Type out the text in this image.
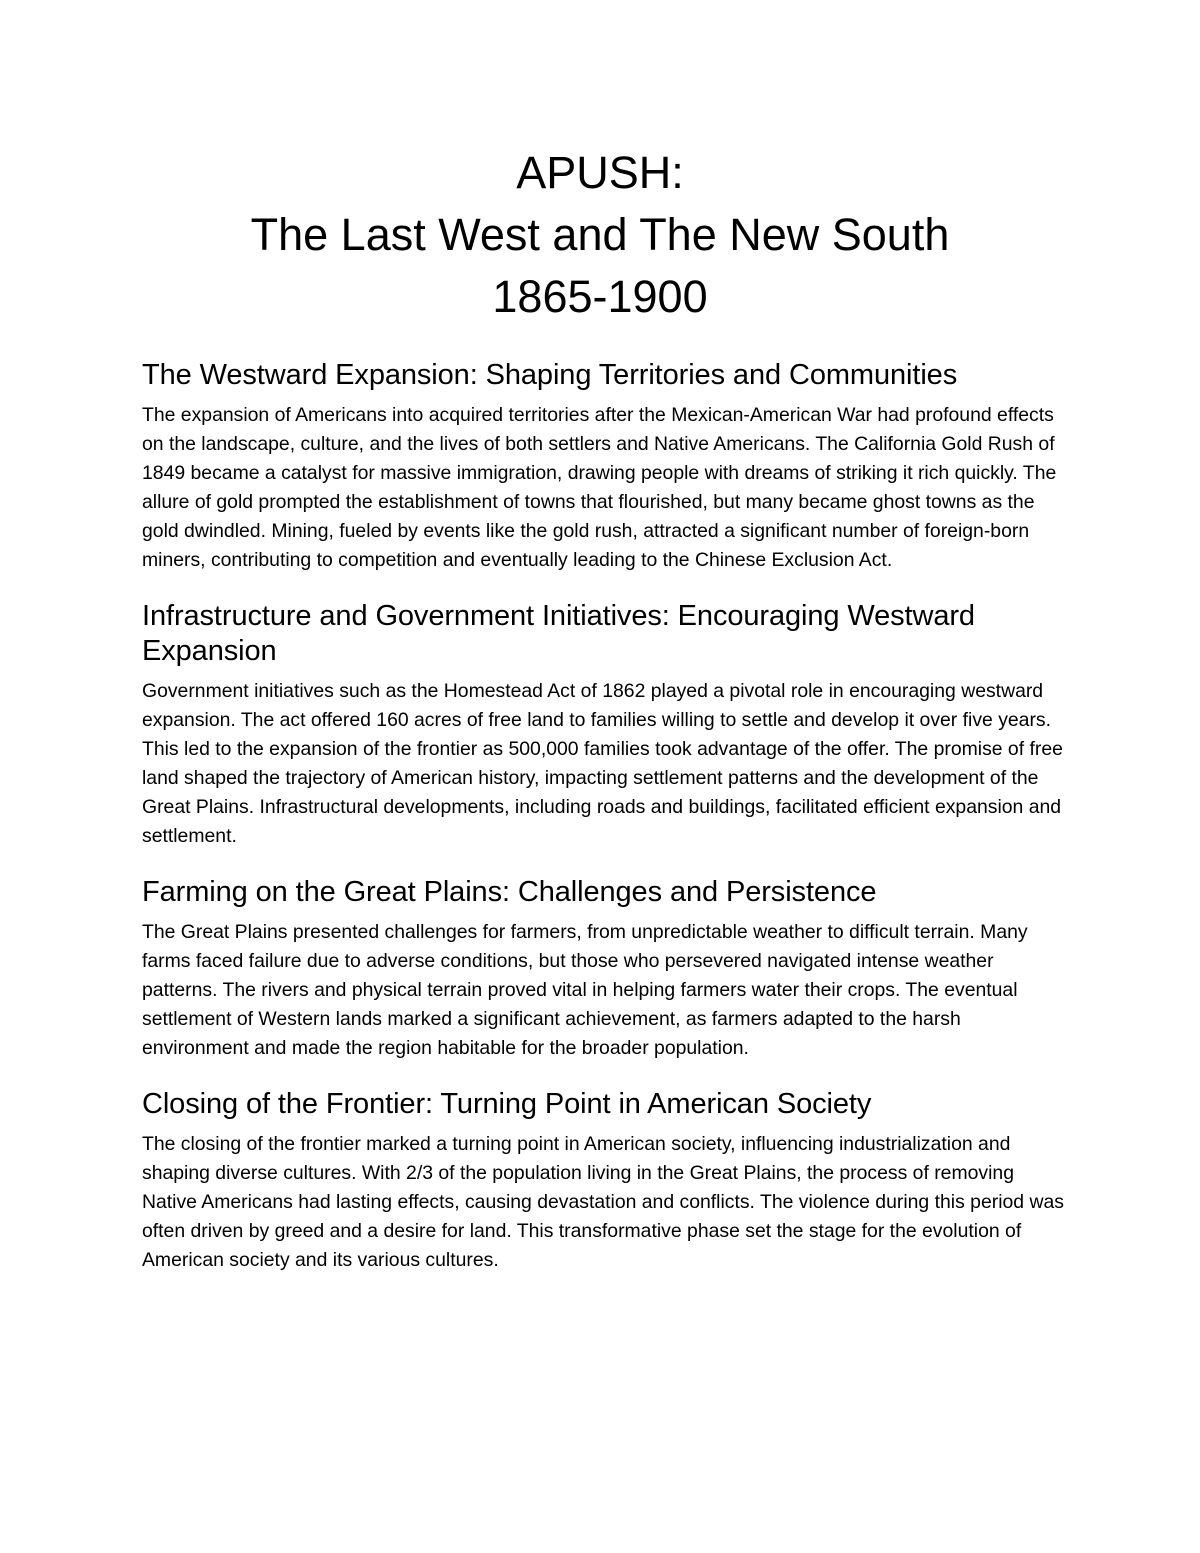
APUSH:
The Last West and The New South
1865-1900
The Westward Expansion: Shaping Territories and Communities

The expansion of Americans into acquired territories after the Mexican-American War had profound effects on the landscape, culture, and the lives of both settlers and Native Americans. The California Gold Rush of 1849 became a catalyst for massive immigration, drawing people with dreams of striking it rich quickly. The allure of gold prompted the establishment of towns that flourished, but many became ghost towns as the gold dwindled. Mining, fueled by events like the gold rush, attracted a significant number of foreign-born miners, contributing to competition and eventually leading to the Chinese Exclusion Act.

Infrastructure and Government Initiatives: Encouraging Westward Expansion

Government initiatives such as the Homestead Act of 1862 played a pivotal role in encouraging westward expansion. The act offered 160 acres of free land to families willing to settle and develop it over five years. This led to the expansion of the frontier as 500,000 families took advantage of the offer. The promise of free land shaped the trajectory of American history, impacting settlement patterns and the development of the Great Plains. Infrastructural developments, including roads and buildings, facilitated efficient expansion and settlement.

Farming on the Great Plains: Challenges and Persistence

The Great Plains presented challenges for farmers, from unpredictable weather to difficult terrain. Many farms faced failure due to adverse conditions, but those who persevered navigated intense weather patterns. The rivers and physical terrain proved vital in helping farmers water their crops. The eventual settlement of Western lands marked a significant achievement, as farmers adapted to the harsh environment and made the region habitable for the broader population.

Closing of the Frontier: Turning Point in American Society

The closing of the frontier marked a turning point in American society, influencing industrialization and shaping diverse cultures. With 2/3 of the population living in the Great Plains, the process of removing Native Americans had lasting effects, causing devastation and conflicts. The violence during this period was often driven by greed and a desire for land. This transformative phase set the stage for the evolution of American society and its various cultures.
